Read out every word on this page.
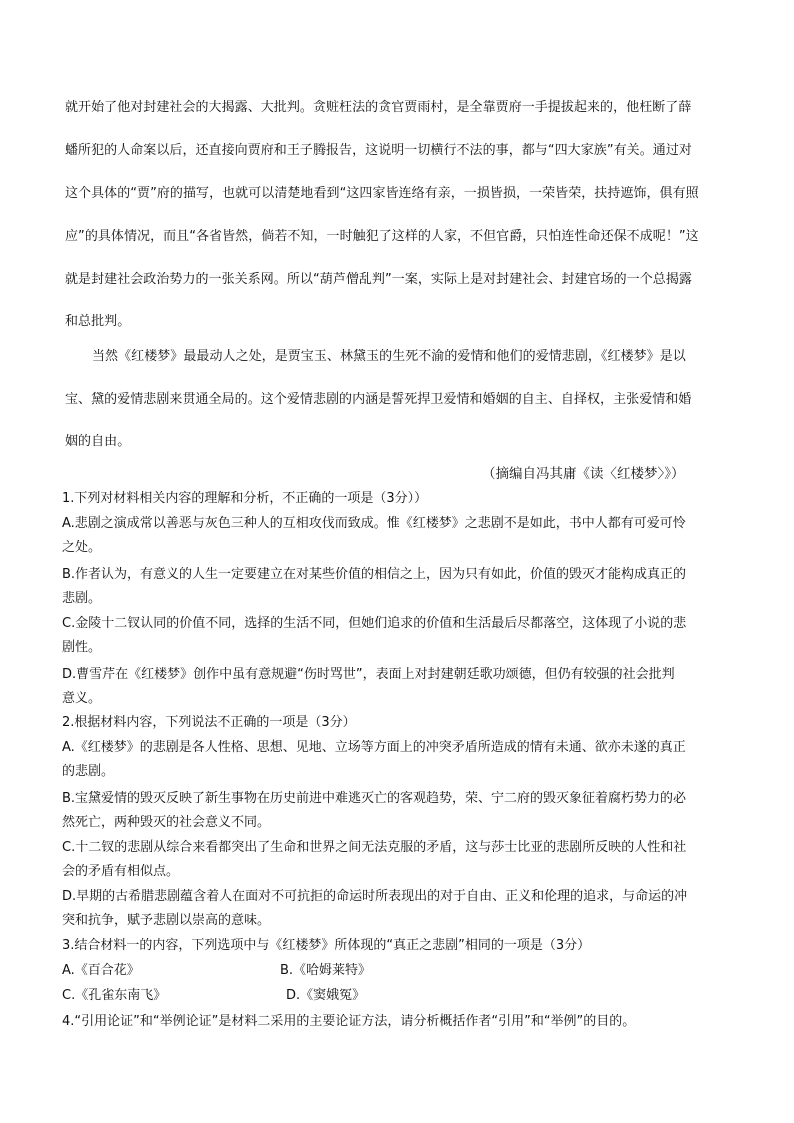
就开始了他对封建社会的大揭露、大批判。贪赃枉法的贪官贾雨村，是全靠贾府一手提拔起来的，他枉断了薛
蟠所犯的人命案以后，还直接向贾府和王子腾报告，这说明一切横行不法的事，都与“四大家族”有关。通过对
这个具体的“贾”府的描写，也就可以清楚地看到“这四家皆连络有亲，一损皆损，一荣皆荣，扶持遮饰，俱有照
应”的具体情况，而且“各省皆然，倘若不知，一时触犯了这样的人家，不但官爵，只怕连性命还保不成呢！”这
就是封建社会政治势力的一张关系网。所以“葫芦僧乱判”一案，实际上是对封建社会、封建官场的一个总揭露
和总批判。
当然《红楼梦》最最动人之处，是贾宝玉、林黛玉的生死不渝的爱情和他们的爱情悲剧，《红楼梦》是以
宝、黛的爱情悲剧来贯通全局的。这个爱情悲剧的内涵是誓死捍卫爱情和婚姻的自主、自择权，主张爱情和婚
姻的自由。
（摘编自冯其庸《读〈红楼梦〉》）
1.下列对材料相关内容的理解和分析，不正确的一项是（3分））
A.悲剧之演成常以善恶与灰色三种人的互相攻伐而致成。惟《红楼梦》之悲剧不是如此，书中人都有可爱可怜
之处。
B.作者认为，有意义的人生一定要建立在对某些价值的相信之上，因为只有如此，价值的毁灭才能构成真正的
悲剧。
C.金陵十二钗认同的价值不同，选择的生活不同，但她们追求的价值和生活最后尽都落空，这体现了小说的悲
剧性。
D.曹雪芹在《红楼梦》创作中虽有意规避“伤时骂世”，表面上对封建朝廷歌功颂德，但仍有较强的社会批判
意义。
2.根据材料内容，下列说法不正确的一项是（3分）
A.《红楼梦》的悲剧是各人性格、思想、见地、立场等方面上的冲突矛盾所造成的情有未通、欲亦未遂的真正
的悲剧。
B.宝黛爱情的毁灭反映了新生事物在历史前进中难逃灭亡的客观趋势，荣、宁二府的毁灭象征着腐朽势力的必
然死亡，两种毁灭的社会意义不同。
C.十二钗的悲剧从综合来看都突出了生命和世界之间无法克服的矛盾，这与莎士比亚的悲剧所反映的人性和社
会的矛盾有相似点。
D.早期的古希腊悲剧蕴含着人在面对不可抗拒的命运时所表现出的对于自由、正义和伦理的追求，与命运的冲
突和抗争，赋予悲剧以崇高的意味。
3.结合材料一的内容，下列选项中与《红楼梦》所体现的“真正之悲剧”相同的一项是（3分）
A.《百合花》	B.《哈姆莱特》
C.《孔雀东南飞》	D.《窦娥冤》
4.“引用论证”和“举例论证”是材料二采用的主要论证方法，请分析概括作者“引用”和“举例”的目的。
